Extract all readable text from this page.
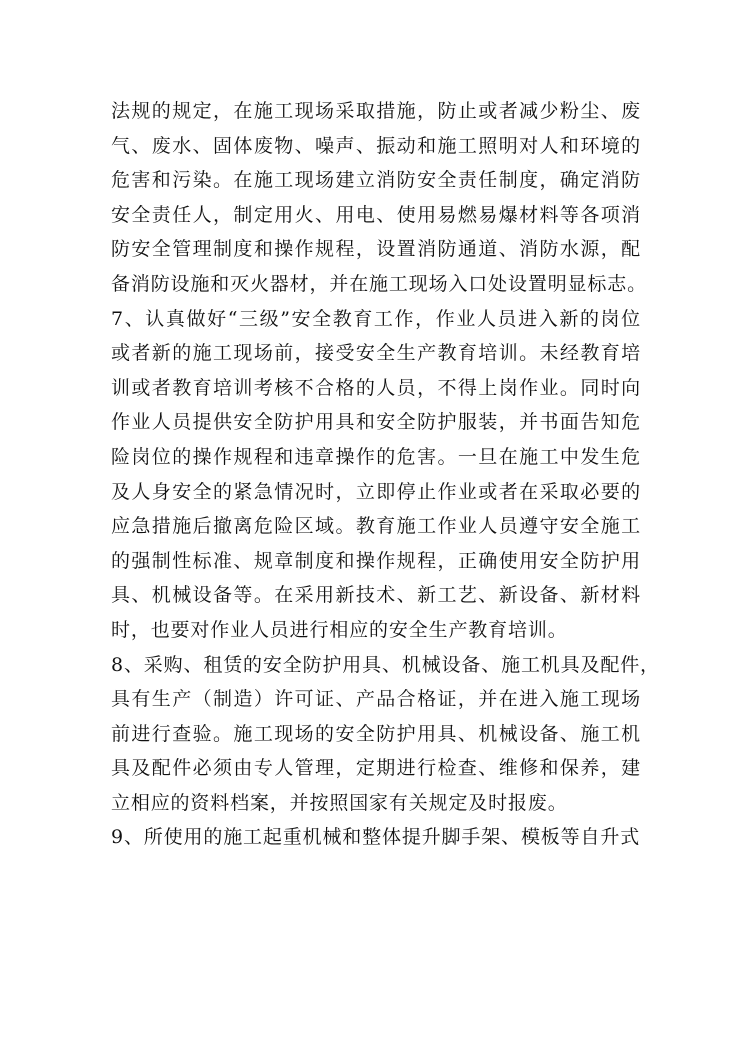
法规的规定，在施工现场采取措施，防止或者减少粉尘、废
气、废水、固体废物、噪声、振动和施工照明对人和环境的
危害和污染。在施工现场建立消防安全责任制度，确定消防
安全责任人，制定用火、用电、使用易燃易爆材料等各项消
防安全管理制度和操作规程，设置消防通道、消防水源，配
备消防设施和灭火器材，并在施工现场入口处设置明显标志。
7、认真做好“三级”安全教育工作，作业人员进入新的岗位
或者新的施工现场前，接受安全生产教育培训。未经教育培
训或者教育培训考核不合格的人员，不得上岗作业。同时向
作业人员提供安全防护用具和安全防护服装，并书面告知危
险岗位的操作规程和违章操作的危害。一旦在施工中发生危
及人身安全的紧急情况时，立即停止作业或者在采取必要的
应急措施后撤离危险区域。教育施工作业人员遵守安全施工
的强制性标准、规章制度和操作规程，正确使用安全防护用
具、机械设备等。在采用新技术、新工艺、新设备、新材料
时，也要对作业人员进行相应的安全生产教育培训。
8、采购、租赁的安全防护用具、机械设备、施工机具及配件，
具有生产（制造）许可证、产品合格证，并在进入施工现场
前进行查验。施工现场的安全防护用具、机械设备、施工机
具及配件必须由专人管理，定期进行检查、维修和保养，建
立相应的资料档案，并按照国家有关规定及时报废。
9、所使用的施工起重机械和整体提升脚手架、模板等自升式
